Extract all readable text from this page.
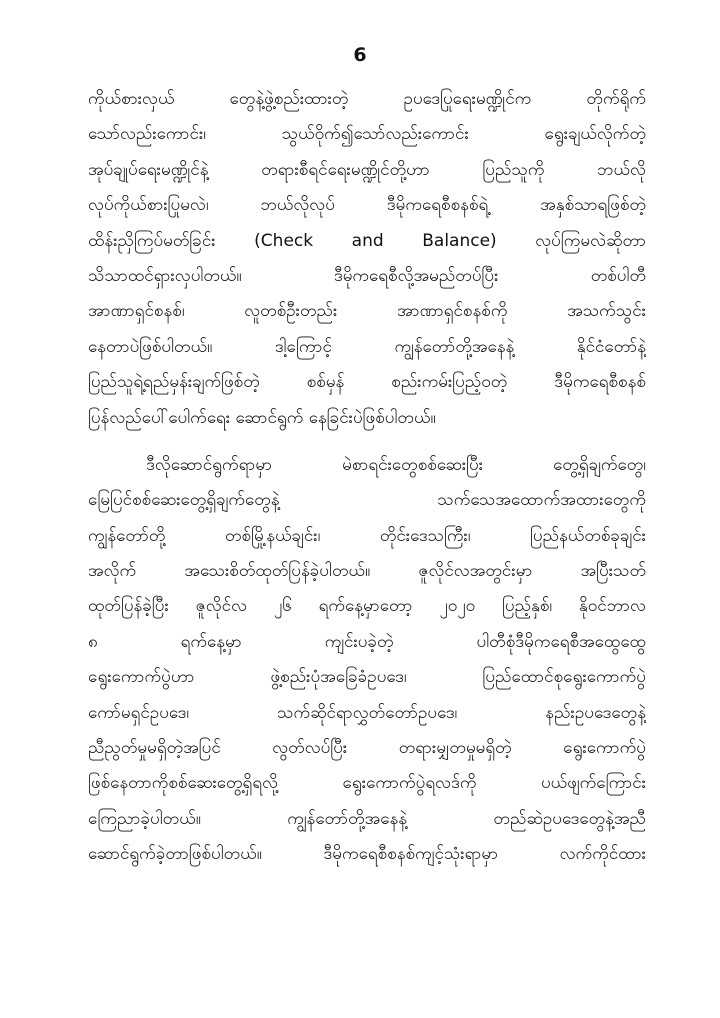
6
ကိုယ်စားလှယ် တွေနဲ့ဖွဲ့စည်းထားတဲ့ ဥပဒေပြုရေးမဏ္ဍိုင်က တိုက်ရိုက်
သော်လည်းကောင်း၊ သွယ်ဝိုက်၍သော်လည်းကောင်း ရွေးချယ်လိုက်တဲ့
အုပ်ချုပ်ရေးမဏ္ဍိုင်နဲ့ တရားစီရင်ရေးမဏ္ဍိုင်တို့ဟာ ပြည်သူကို ဘယ်လို
လုပ်ကိုယ်စားပြုမလဲ၊ ဘယ်လိုလုပ် ဒီမိုကရေစီစနစ်ရဲ့ အနှစ်သာရဖြစ်တဲ့
ထိန်းညှိကြပ်မတ်ခြင်း (Check and Balance) လုပ်ကြမလဲဆိုတာ
သိသာထင်ရှားလှပါတယ်။ ဒီမိုကရေစီလို့အမည်တပ်ပြီး တစ်ပါတီ
အာဏာရှင်စနစ်၊ လူတစ်ဦးတည်း အာဏာရှင်စနစ်ကို အသက်သွင်း
နေတာပဲဖြစ်ပါတယ်။ ဒါ့ကြောင့် ကျွန်တော်တို့အနေနဲ့ နိုင်ငံတော်နဲ့
ပြည်သူရဲ့ရည်မှန်းချက်ဖြစ်တဲ့ စစ်မှန် စည်းကမ်းပြည့်ဝတဲ့ ဒီမိုကရေစီစနစ်
ပြန်လည်ပေါ်ပေါက်ရေး ဆောင်ရွက် နေခြင်းပဲဖြစ်ပါတယ်။
ဒီလိုဆောင်ရွက်ရာမှာ မဲစာရင်းတွေစစ်ဆေးပြီး တွေ့ရှိချက်တွေ၊
မြေပြင်စစ်ဆေးတွေ့ရှိချက်တွေနဲ့ သက်သေအထောက်အထားတွေကို
ကျွန်တော်တို့ တစ်မြို့နယ်ချင်း၊ တိုင်းဒေသကြီး၊ ပြည်နယ်တစ်ခုချင်း
အလိုက် အသေးစိတ်ထုတ်ပြန်ခဲ့ပါတယ်။ ဇူလိုင်လအတွင်းမှာ အပြီးသတ်
ထုတ်ပြန်ခဲ့ပြီး ဇူလိုင်လ ၂၆ ရက်နေ့မှာတော့ ၂၀၂၀ ပြည့်နှစ်၊ နိုဝင်ဘာလ
၈ ရက်နေ့မှာ ကျင်းပခဲ့တဲ့ ပါတီစုံဒီမိုကရေစီအထွေထွေ
ရွေးကောက်ပွဲဟာ ဖွဲ့စည်းပုံအခြေခံဥပဒေ၊ ပြည်ထောင်စုရွေးကောက်ပွဲ
ကော်မရှင်ဥပဒေ၊ သက်ဆိုင်ရာလွှတ်တော်ဥပဒေ၊ နည်းဥပဒေတွေနဲ့
ညီညွတ်မှုမရှိတဲ့အပြင် လွတ်လပ်ပြီး တရားမျှတမှုမရှိတဲ့ ရွေးကောက်ပွဲ
ဖြစ်နေတာကိုစစ်ဆေးတွေ့ရှိရလို့ ရွေးကောက်ပွဲရလဒ်ကို ပယ်ဖျက်ကြောင်း
ကြေညာခဲ့ပါတယ်။ ကျွန်တော်တို့အနေနဲ့ တည်ဆဲဥပဒေတွေနဲ့အညီ
ဆောင်ရွက်ခဲ့တာဖြစ်ပါတယ်။ ဒီမိုကရေစီစနစ်ကျင့်သုံးရာမှာ လက်ကိုင်ထား
